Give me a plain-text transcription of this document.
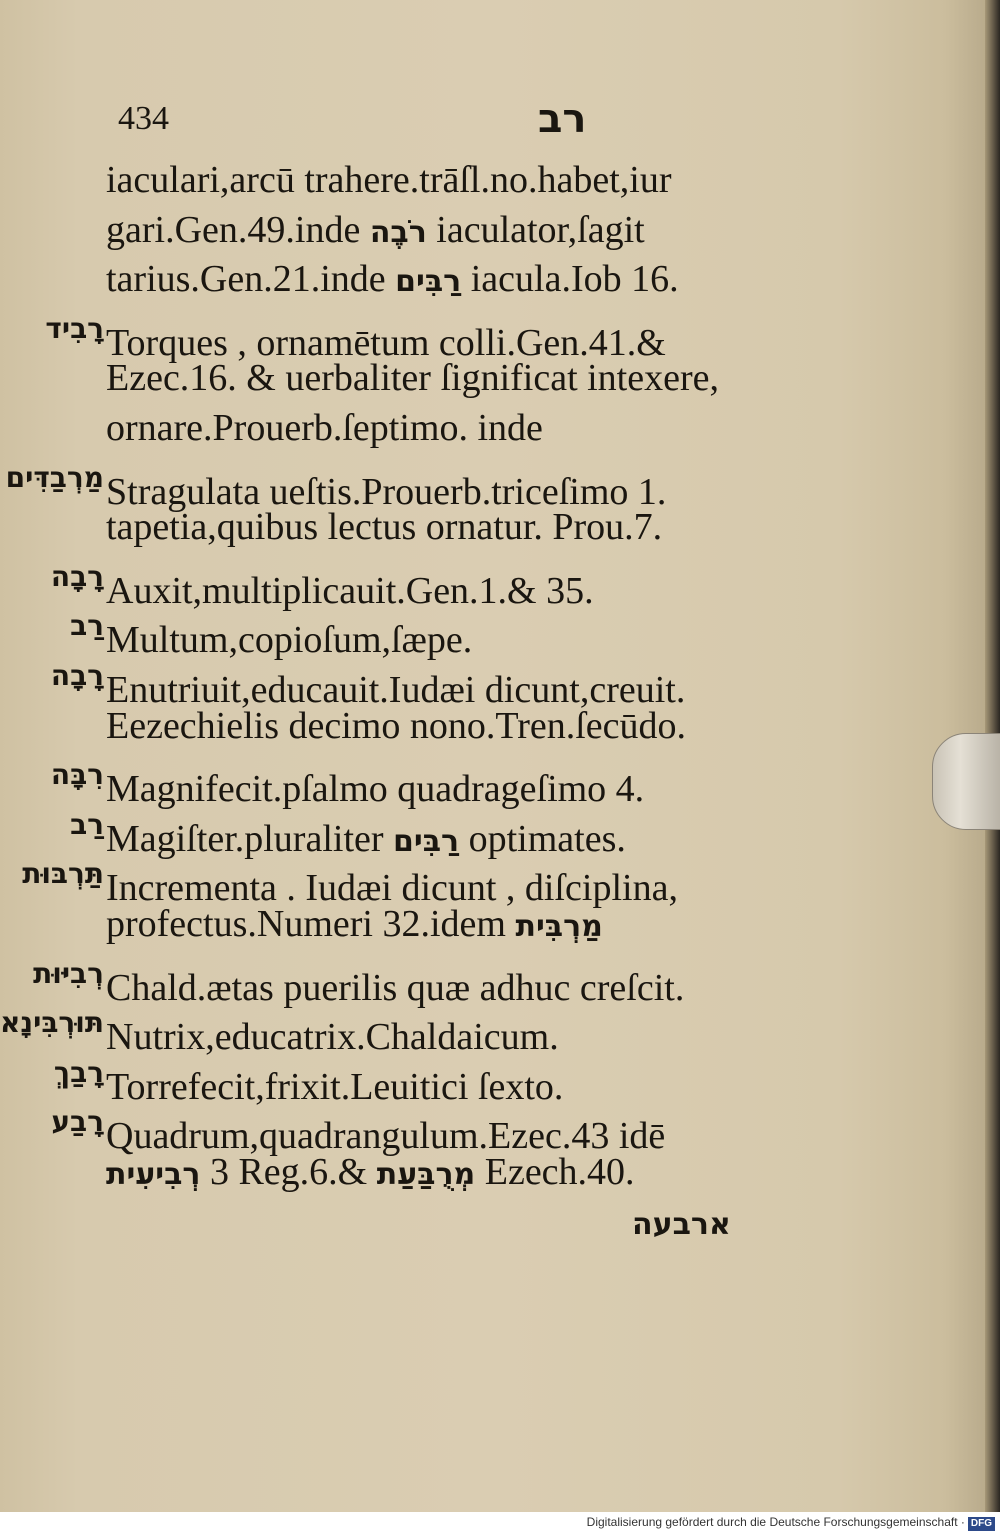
434	רב
iaculari,arcū trahere.trāſl.no.habet,iur
gari.Gen.49.inde רֹבֶה iaculator,ſagit
tarius.Gen.21.inde רַבִּים iacula.Iob 16.
רָבִידTorques , ornamētum colli.Gen.41.&
Ezec.16. & uerbaliter ſignificat intexere,
ornare.Prouerb.ſeptimo. inde
מַרְבַדִּיםStragulata ueſtis.Prouerb.triceſimo 1.
tapetia,quibus lectus ornatur. Prou.7.
רָבָהAuxit,multiplicauit.Gen.1.& 35.
רַבMultum,copioſum,ſæpe.
רָבָהEnutriuit,educauit.Iudæi dicunt,creuit.
Eezechielis decimo nono.Tren.ſecūdo.
רִבָּהMagnifecit.pſalmo quadrageſimo 4.
רַבMagiſter.pluraliter רַבִּים optimates.
תַּרְבּוּתIncrementa . Iudæi dicunt , diſciplina,
profectus.Numeri 32.idem מַרְבִּית
רְבִיּוּתChald.ætas puerilis quæ adhuc creſcit.
תּוּרְבִּינָאNutrix,educatrix.Chaldaicum.
רָבַךְTorrefecit,frixit.Leuitici ſexto.
רָבַעQuadrum,quadrangulum.Ezec.43 idē
רְבִיעִית 3 Reg.6.& מְרֻבַּעַת Ezech.40.
ארבעה
Digitalisierung gefördert durch die Deutsche Forschungsgemeinschaft · DFG
